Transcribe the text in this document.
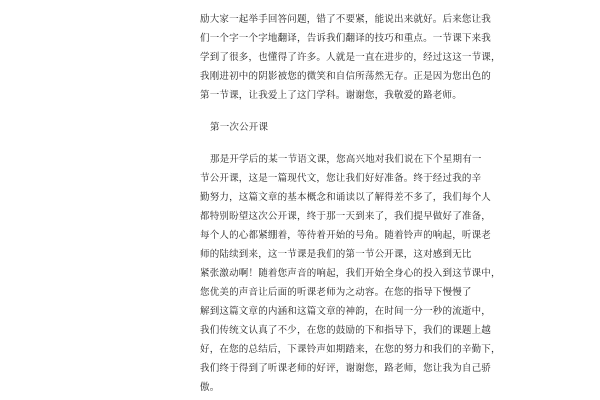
励大家一起举手回答问题，错了不要紧，能说出来就好。后来您让我
们一个字一个字地翻译，告诉我们翻译的技巧和重点。一节课下来我
学到了很多，也懂得了许多。人就是一直在进步的，经过这这一节课，
我刚进初中的阴影被您的微笑和自信所荡然无存。正是因为您出色的
第一节课，让我爱上了这门学科。谢谢您，我敬爱的路老师。
第一次公开课
那是开学后的某一节语文课，您高兴地对我们说在下个星期有一
节公开课，这是一篇现代文，您让我们好好准备。终于经过我的辛
勤努力，这篇文章的基本概念和诵读以了解得差不多了，我们每个人
都特别盼望这次公开课，终于那一天到来了，我们提早做好了准备，
每个人的心都紧绷着，等待着开始的号角。随着铃声的响起，听课老
师的陆续到来，这一节课是我们的第一节公开课，这对感到无比
紧张激动啊！随着您声音的响起，我们开始全身心的投入到这节课中，
您优美的声音让后面的听课老师为之动容。在您的指导下慢慢了
解到这篇文章的内涵和这篇文章的神韵，在时间一分一秒的流逝中，
我们传统文认真了不少，在您的鼓励的下和指导下，我们的课题上越
好，在您的总结后，下课铃声如期踏来，在您的努力和我们的辛勤下，
我们终于得到了听课老师的好评，谢谢您，路老师，您让我为自己骄
傲。
